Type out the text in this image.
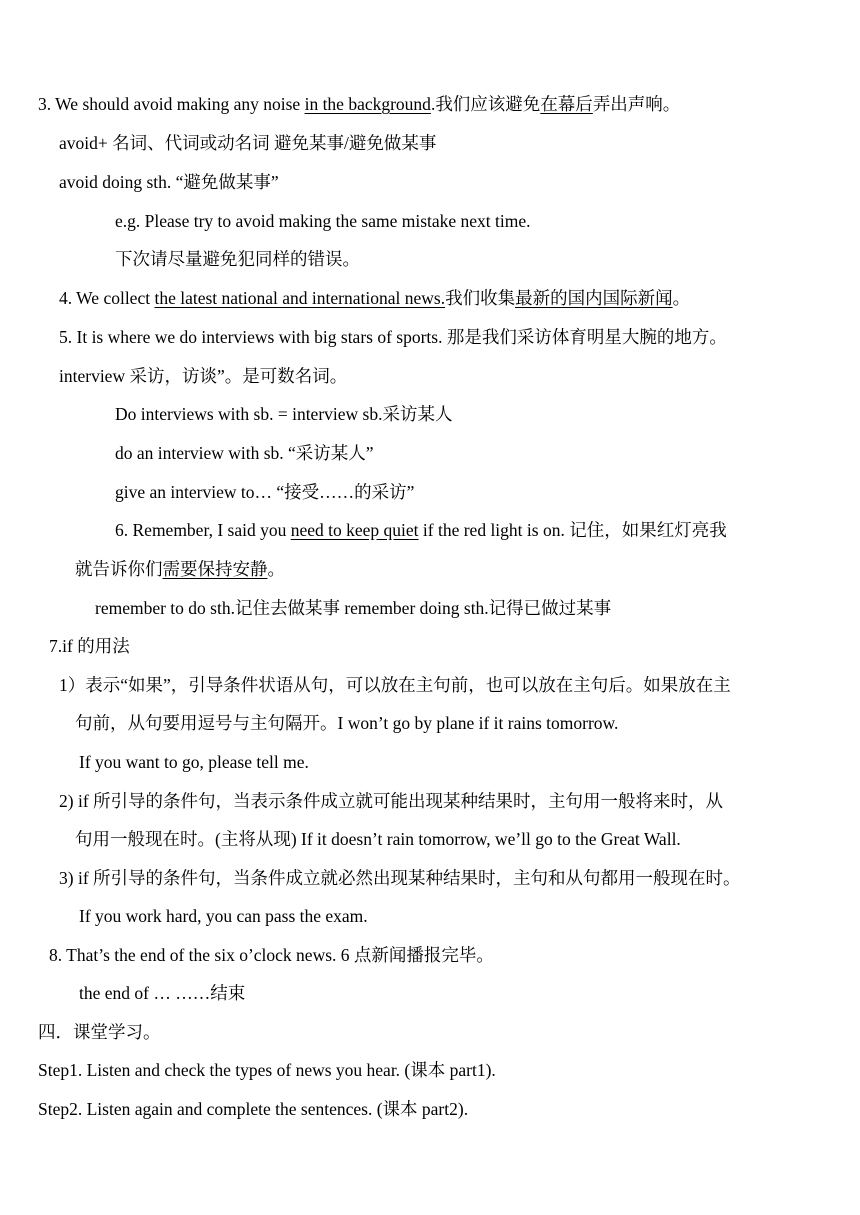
3. We should avoid making any noise in the background.我们应该避免在幕后弄出声响。
avoid+ 名词、代词或动名词 避免某事/避免做某事
avoid doing sth. “避免做某事”
e.g. Please try to avoid making the same mistake next time.
下次请尽量避免犯同样的错误。
4. We collect the latest national and international news.我们收集最新的国内国际新闻。
5. It is where we do interviews with big stars of sports. 那是我们采访体育明星大腕的地方。
interview 采访，访谈”。是可数名词。
Do interviews with sb. = interview sb.采访某人
do an interview with sb. “采访某人”
give an interview to… “接受……的采访”
6. Remember, I said you need to keep quiet if the red light is on. 记住，如果红灯亮我
就告诉你们需要保持安静。
remember to do sth.记住去做某事 remember doing sth.记得已做过某事
7.if 的用法
1）表示“如果”，引导条件状语从句，可以放在主句前，也可以放在主句后。如果放在主
句前，从句要用逗号与主句隔开。I won’t go by plane if it rains tomorrow.
If you want to go, please tell me.
2) if 所引导的条件句，当表示条件成立就可能出现某种结果时，主句用一般将来时，从
句用一般现在时。(主将从现) If it doesn’t rain tomorrow, we’ll go to the Great Wall.
3) if 所引导的条件句，当条件成立就必然出现某种结果时，主句和从句都用一般现在时。
If you work hard, you can pass the exam.
8. That’s the end of the six o’clock news. 6 点新闻播报完毕。
the end of … ……结束
四．课堂学习。
Step1. Listen and check the types of news you hear. (课本 part1).
Step2. Listen again and complete the sentences. (课本 part2).
